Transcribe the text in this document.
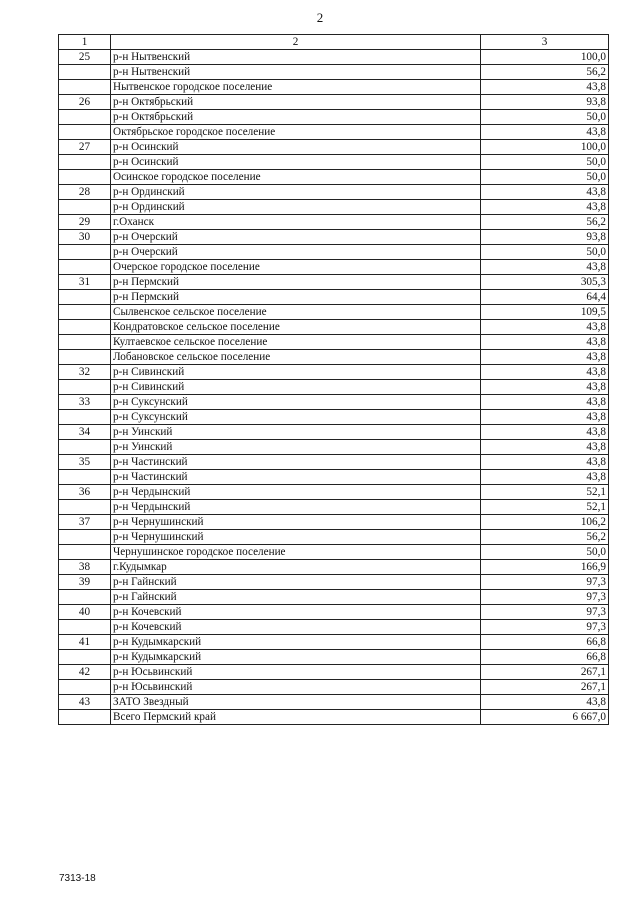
2
1	2	3
25	р-н Нытвенский	100,0
	р-н Нытвенский	56,2
	Нытвенское городское поселение	43,8
26	р-н Октябрьский	93,8
	р-н Октябрьский	50,0
	Октябрьское городское поселение	43,8
27	р-н Осинский	100,0
	р-н Осинский	50,0
	Осинское городское поселение	50,0
28	р-н Ординский	43,8
	р-н Ординский	43,8
29	г.Оханск	56,2
30	р-н Очерский	93,8
	р-н Очерский	50,0
	Очерское городское поселение	43,8
31	р-н Пермский	305,3
	р-н Пермский	64,4
	Сылвенское сельское поселение	109,5
	Кондратовское сельское поселение	43,8
	Култаевское сельское поселение	43,8
	Лобановское сельское поселение	43,8
32	р-н Сивинский	43,8
	р-н Сивинский	43,8
33	р-н Суксунский	43,8
	р-н Суксунский	43,8
34	р-н Уинский	43,8
	р-н Уинский	43,8
35	р-н Частинский	43,8
	р-н Частинский	43,8
36	р-н Чердынский	52,1
	р-н Чердынский	52,1
37	р-н Чернушинский	106,2
	р-н Чернушинский	56,2
	Чернушинское городское поселение	50,0
38	г.Кудымкар	166,9
39	р-н Гайнский	97,3
	р-н Гайнский	97,3
40	р-н Кочевский	97,3
	р-н Кочевский	97,3
41	р-н Кудымкарский	66,8
	р-н Кудымкарский	66,8
42	р-н Юсьвинский	267,1
	р-н Юсьвинский	267,1
43	ЗАТО Звездный	43,8
	Всего Пермский край	6 667,0
7313-18
